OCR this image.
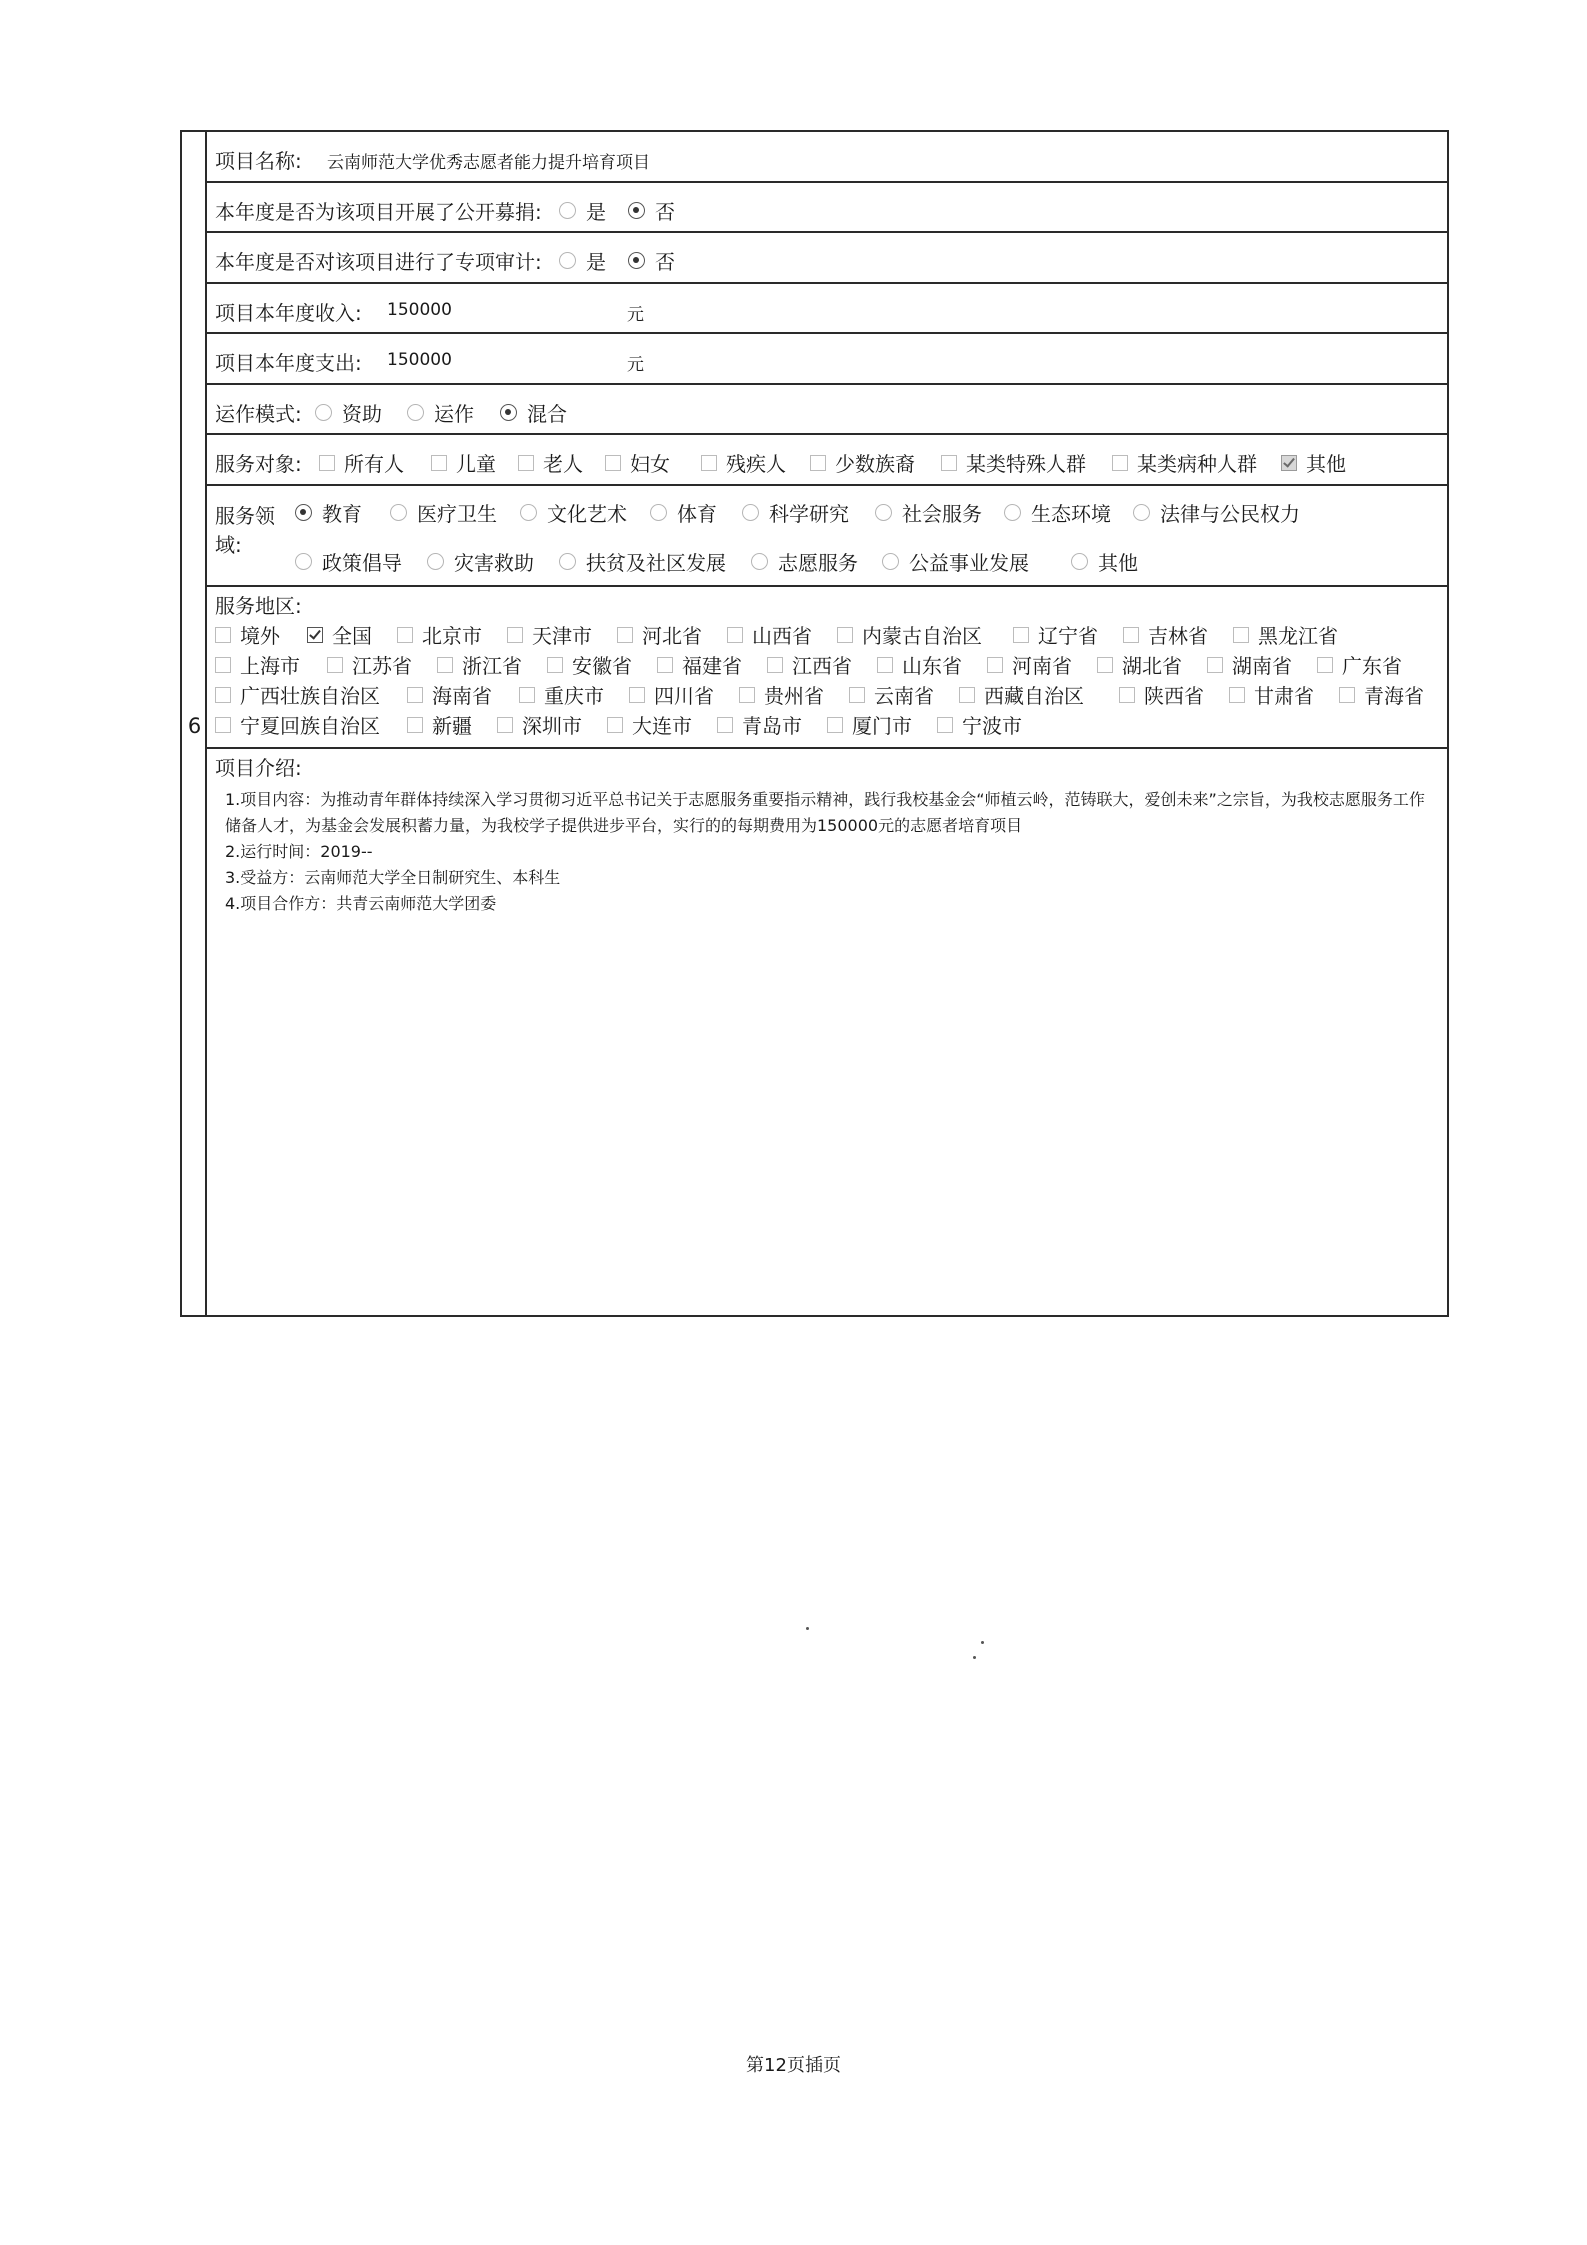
6
项目名称: 云南师范大学优秀志愿者能力提升培育项目
本年度是否为该项目开展了公开募捐: 是 否
本年度是否对该项目进行了专项审计: 是 否
项目本年度收入: 150000	元
项目本年度支出: 150000	元
运作模式: 资助	运作	混合
服务对象: 所有人	儿童 老人 妇女	残疾人 少数族裔	某类特殊人群	某类病种人群 其他
服务领
域:
教育	医疗卫生	文化艺术	体育	科学研究	社会服务 生态环境 法律与公民权力
政策倡导	灾害救助	扶贫及社区发展	志愿服务	公益事业发展	其他
服务地区:
境外	全国	北京市	天津市	河北省	山西省	内蒙古自治区	辽宁省	吉林省	黑龙江省
上海市	江苏省	浙江省	安徽省	福建省	江西省	山东省	河南省	湖北省	湖南省	广东省
广西壮族自治区	海南省	重庆市	四川省	贵州省	云南省	西藏自治区	陕西省	甘肃省	青海省
宁夏回族自治区	新疆	深圳市	大连市	青岛市	厦门市	宁波市
项目介绍:
1.项目内容：为推动青年群体持续深入学习贯彻习近平总书记关于志愿服务重要指示精神，践行我校基金会“师植云岭，范铸联大，爱创未来”之宗旨，为我校志愿服务工作储备人才，为基金会发展积蓄力量，为我校学子提供进步平台，实行的的每期费用为150000元的志愿者培育项目
2.运行时间：2019--
3.受益方：云南师范大学全日制研究生、本科生
4.项目合作方：共青云南师范大学团委
第12页插页
